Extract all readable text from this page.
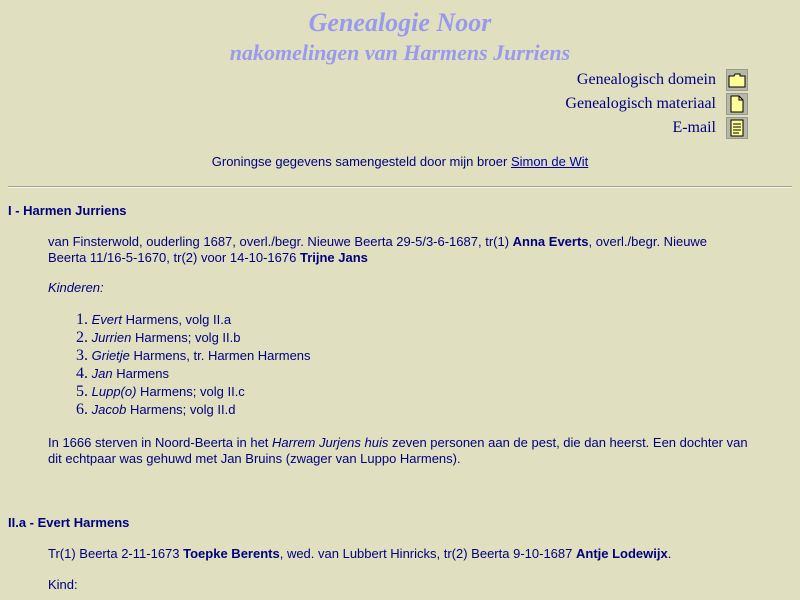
Genealogie Noor
nakomelingen van Harmens Jurriens
Genealogisch domein
Genealogisch materiaal
E-mail
Groningse gegevens samengesteld door mijn broer Simon de Wit
I - Harmen Jurriens
van Finsterwold, ouderling 1687, overl./begr. Nieuwe Beerta 29-5/3-6-1687, tr(1) Anna Everts, overl./begr. Nieuwe Beerta 11/16-5-1670, tr(2) voor 14-10-1676 Trijne Jans
Kinderen:
1. Evert Harmens, volg II.a
2. Jurrien Harmens; volg II.b
3. Grietje Harmens, tr. Harmen Harmens
4. Jan Harmens
5. Lupp(o) Harmens; volg II.c
6. Jacob Harmens; volg II.d
In 1666 sterven in Noord-Beerta in het Harrem Jurjens huis zeven personen aan de pest, die dan heerst. Een dochter van dit echtpaar was gehuwd met Jan Bruins (zwager van Luppo Harmens).
II.a - Evert Harmens
Tr(1) Beerta 2-11-1673 Toepke Berents, wed. van Lubbert Hinricks, tr(2) Beerta 9-10-1687 Antje Lodewijx.
Kind:
